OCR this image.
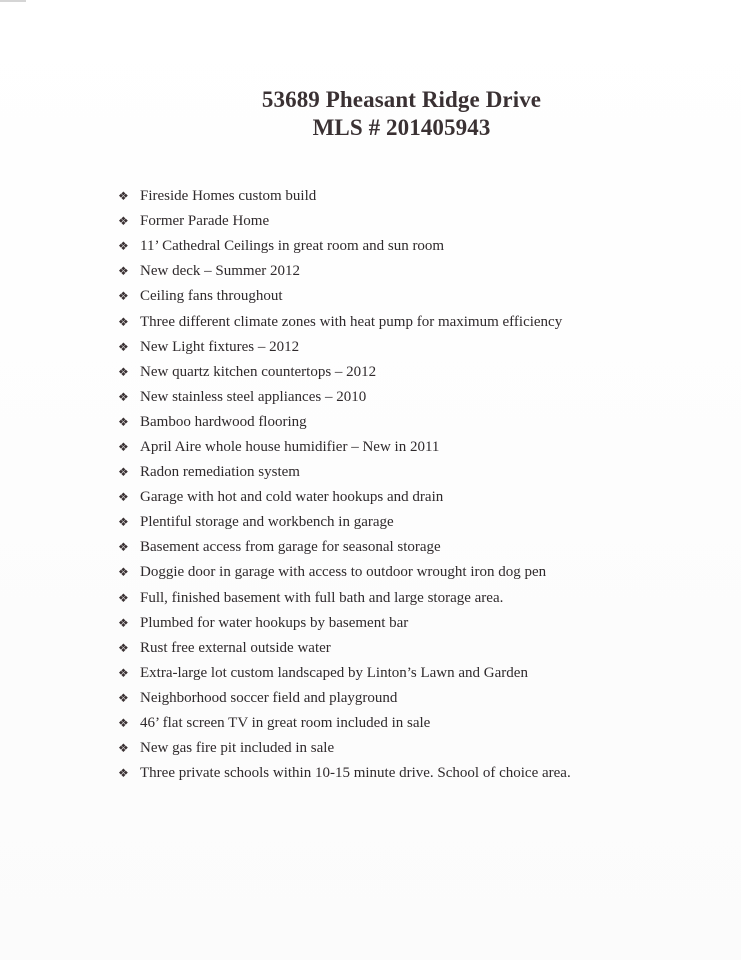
53689 Pheasant Ridge Drive

MLS # 201405943

❖ Fireside Homes custom build
❖ Former Parade Home
❖ 11’ Cathedral Ceilings in great room and sun room
❖ New deck – Summer 2012
❖ Ceiling fans throughout
❖ Three different climate zones with heat pump for maximum efficiency
❖ New Light fixtures – 2012
❖ New quartz kitchen countertops – 2012
❖ New stainless steel appliances – 2010
❖ Bamboo hardwood flooring
❖ April Aire whole house humidifier – New in 2011
❖ Radon remediation system
❖ Garage with hot and cold water hookups and drain
❖ Plentiful storage and workbench in garage
❖ Basement access from garage for seasonal storage
❖ Doggie door in garage with access to outdoor wrought iron dog pen
❖ Full, finished basement with full bath and large storage area.
❖ Plumbed for water hookups by basement bar
❖ Rust free external outside water
❖ Extra-large lot custom landscaped by Linton’s Lawn and Garden
❖ Neighborhood soccer field and playground
❖ 46’ flat screen TV in great room included in sale
❖ New gas fire pit included in sale
❖ Three private schools within 10-15 minute drive. School of choice area.
